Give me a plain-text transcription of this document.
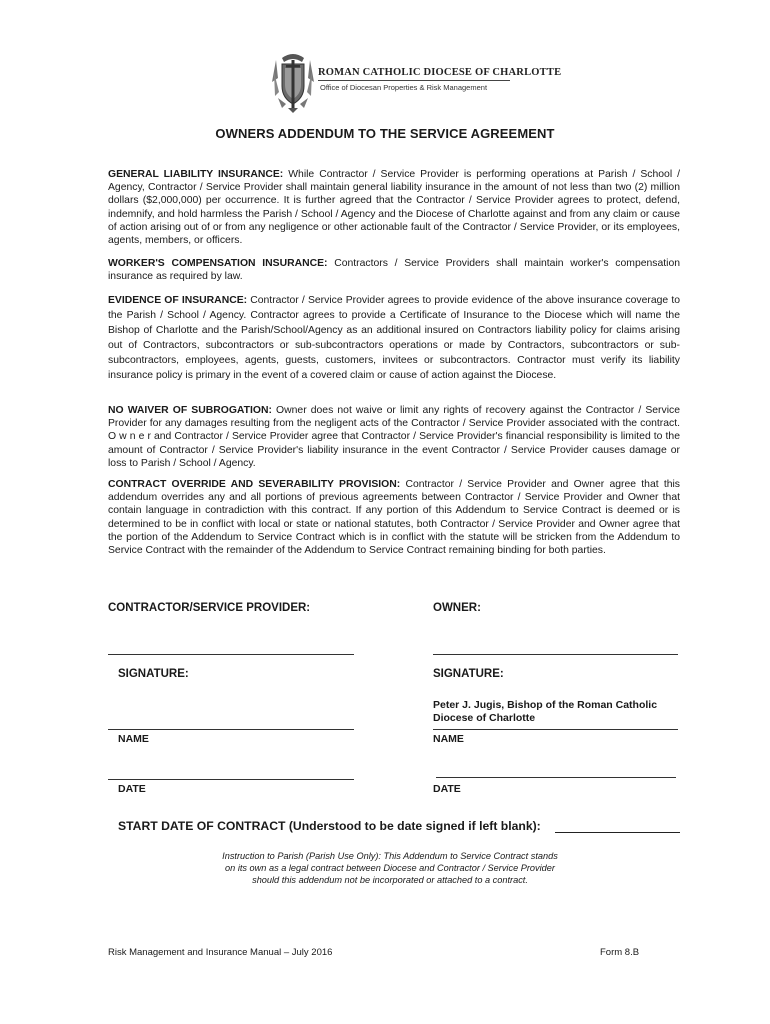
ROMAN CATHOLIC DIOCESE OF CHARLOTTE
Office of Diocesan Properties & Risk Management
OWNERS ADDENDUM TO THE SERVICE AGREEMENT

GENERAL LIABILITY INSURANCE: While Contractor / Service Provider is performing operations at Parish / School / Agency, Contractor / Service Provider shall maintain general liability insurance in the amount of not less than two (2) million dollars ($2,000,000) per occurrence. It is further agreed that the Contractor / Service Provider agrees to protect, defend, indemnify, and hold harmless the Parish / School / Agency and the Diocese of Charlotte against and from any claim or cause of action arising out of or from any negligence or other actionable fault of the Contractor / Service Provider, or its employees, agents, members, or officers.

WORKER'S COMPENSATION INSURANCE: Contractors / Service Providers shall maintain worker's compensation insurance as required by law.

EVIDENCE OF INSURANCE: Contractor / Service Provider agrees to provide evidence of the above insurance coverage to the Parish / School / Agency. Contractor agrees to provide a Certificate of Insurance to the Diocese which will name the Bishop of Charlotte and the Parish/School/Agency as an additional insured on Contractors liability policy for claims arising out of Contractors, subcontractors or sub-subcontractors operations or made by Contractors, subcontractors or sub-subcontractors, employees, agents, guests, customers, invitees or subcontractors. Contractor must verify its liability insurance policy is primary in the event of a covered claim or cause of action against the Diocese.

NO WAIVER OF SUBROGATION: Owner does not waive or limit any rights of recovery against the Contractor / Service Provider for any damages resulting from the negligent acts of the Contractor / Service Provider associated with the contract. O w n e r and Contractor / Service Provider agree that Contractor / Service Provider's financial responsibility is limited to the amount of Contractor / Service Provider's liability insurance in the event Contractor / Service Provider causes damage or loss to Parish / School / Agency.

CONTRACT OVERRIDE AND SEVERABILITY PROVISION: Contractor / Service Provider and Owner agree that this addendum overrides any and all portions of previous agreements between Contractor / Service Provider and Owner that contain language in contradiction with this contract. If any portion of this Addendum to Service Contract is deemed or is determined to be in conflict with local or state or national statutes, both Contractor / Service Provider and Owner agree that the portion of the Addendum to Service Contract which is in conflict with the statute will be stricken from the Addendum to Service Contract with the remainder of the Addendum to Service Contract remaining binding for both parties.

CONTRACTOR/SERVICE PROVIDER:	OWNER:
SIGNATURE:	SIGNATURE:
Peter J. Jugis, Bishop of the Roman Catholic Diocese of Charlotte
NAME	NAME
DATE	DATE
START DATE OF CONTRACT (Understood to be date signed if left blank):
Instruction to Parish (Parish Use Only): This Addendum to Service Contract stands
on its own as a legal contract between Diocese and Contractor / Service Provider
should this addendum not be incorporated or attached to a contract.
Risk Management and Insurance Manual – July 2016	Form 8.B
